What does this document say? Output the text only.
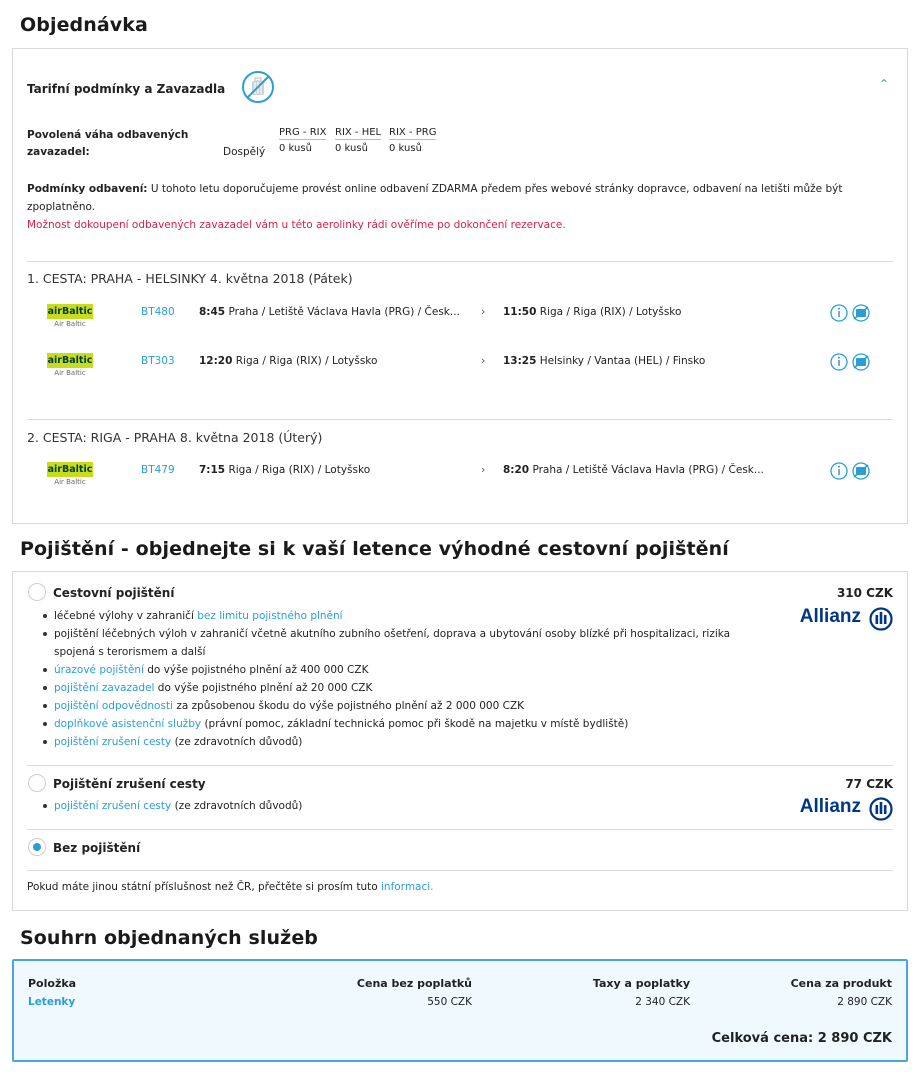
Objednávka
Tarifní podmínky a Zavazadla	⌃
Povolená váha odbavených zavazadel:	Dospělý
PRG - RIX
0 kusů
RIX - HEL
0 kusů
RIX - PRG
0 kusů
Podmínky odbavení: U tohoto letu doporučujeme provést online odbavení ZDARMA předem přes webové stránky dopravce, odbavení na letišti může být zpoplatněno.
Možnost dokoupení odbavených zavazadel vám u této aerolinky rádi ověříme po dokončení rezervace.
1. CESTA: PRAHA - HELSINKY 4. května 2018 (Pátek)
airBaltic
Air Baltic
BT480 8:45 Praha / Letiště Václava Havla (PRG) / Česk... › 11:50 Riga / Riga (RIX) / Lotyšsko
airBaltic
Air Baltic
BT303 12:20 Riga / Riga (RIX) / Lotyšsko	› 13:25 Helsinky / Vantaa (HEL) / Finsko
2. CESTA: RIGA - PRAHA 8. května 2018 (Úterý)
airBaltic
Air Baltic
BT479 7:15 Riga / Riga (RIX) / Lotyšsko	› 8:20 Praha / Letiště Václava Havla (PRG) / Česk...
Pojištění - objednejte si k vaší letence výhodné cestovní pojištění
Cestovní pojištění	310 CZK
Allianz
léčebné výlohy v zahraničí bez limitu pojistného plnění
pojištění léčebných výloh v zahraničí včetně akutního zubního ošetření, doprava a ubytování osoby blízké při hospitalizaci, rizika spojená s terorismem a další
úrazové pojištění do výše pojistného plnění až 400 000 CZK
pojištění zavazadel do výše pojistného plnění až 20 000 CZK
pojištění odpovědnosti za způsobenou škodu do výše pojistného plnění až 2 000 000 CZK
doplňkové asistenční služby (právní pomoc, základní technická pomoc při škodě na majetku v místě bydliště)
pojištění zrušení cesty (ze zdravotních důvodů)
Pojištění zrušení cesty	77 CZK
Allianz
pojištění zrušení cesty (ze zdravotních důvodů)
Bez pojištění
Pokud máte jinou státní příslušnost než ČR, přečtěte si prosím tuto informaci.
Souhrn objednaných služeb
Položka	Cena bez poplatků	Taxy a poplatky	Cena za produkt
Letenky	550 CZK	2 340 CZK	2 890 CZK
Celková cena: 2 890 CZK
